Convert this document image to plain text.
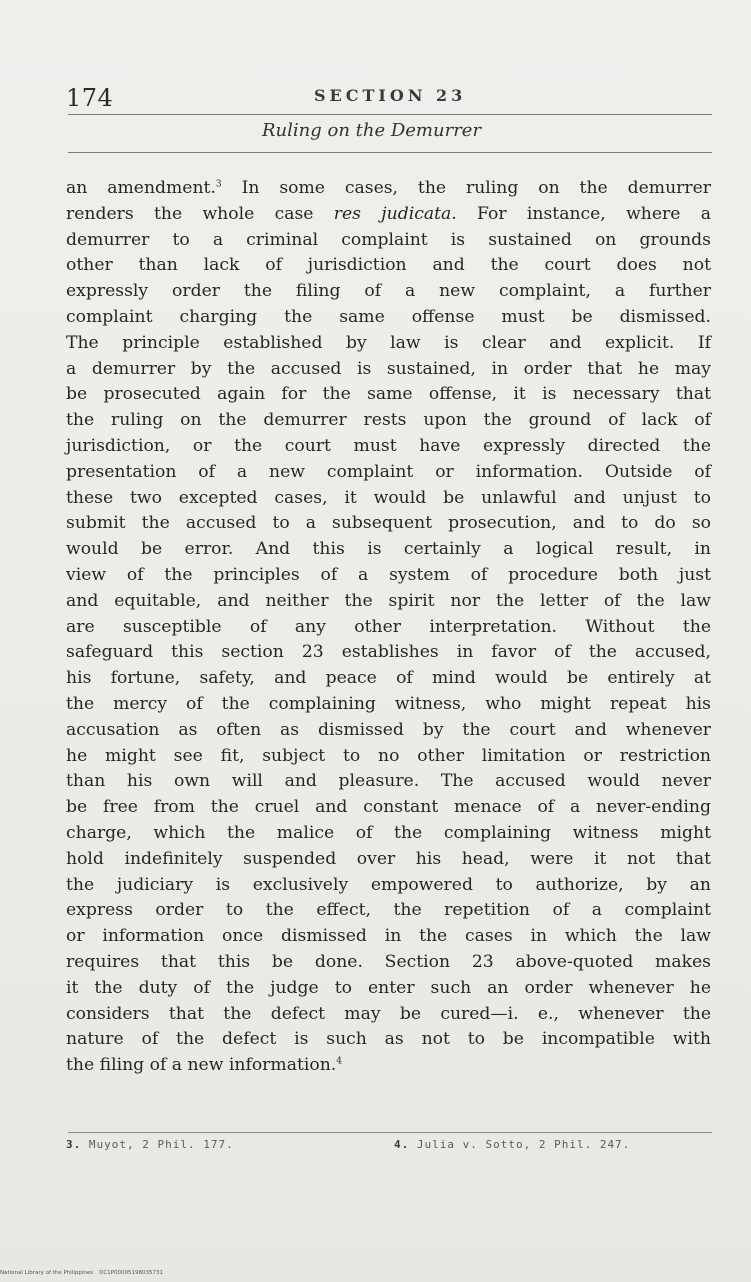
174	SECTION 23
Ruling on the Demurrer
an amendment.$^3$ In some cases, the ruling on the demurrer
renders the whole case res judicata. For instance, where a
demurrer to a criminal complaint is sustained on grounds
other than lack of jurisdiction and the court does not
expressly order the filing of a new complaint, a further
complaint charging the same offense must be dismissed.
The principle established by law is clear and explicit. If
a demurrer by the accused is sustained, in order that he may
be prosecuted again for the same offense, it is necessary that
the ruling on the demurrer rests upon the ground of lack of
jurisdiction, or the court must have expressly directed the
presentation of a new complaint or information. Outside of
these two excepted cases, it would be unlawful and unjust to
submit the accused to a subsequent prosecution, and to do so
would be error. And this is certainly a logical result, in
view of the principles of a system of procedure both just
and equitable, and neither the spirit nor the letter of the law
are susceptible of any other interpretation. Without the
safeguard this section 23 establishes in favor of the accused,
his fortune, safety, and peace of mind would be entirely at
the mercy of the complaining witness, who might repeat his
accusation as often as dismissed by the court and whenever
he might see fit, subject to no other limitation or restriction
than his own will and pleasure. The accused would never
be free from the cruel and constant menace of a never-ending
charge, which the malice of the complaining witness might
hold indefinitely suspended over his head, were it not that
the judiciary is exclusively empowered to authorize, by an
express order to the effect, the repetition of a complaint
or information once dismissed in the cases in which the law
requires that this be done. Section 23 above-quoted makes
it the duty of the judge to enter such an order whenever he
considers that the defect may be cured—i. e., whenever the
nature of the defect is such as not to be incompatible with
the filing of a new information.$^4$
3. Muyot, 2 Phil. 177.	4. Julia v. Sotto, 2 Phil. 247.
National Library of the Philippines DC1P00005198035731
